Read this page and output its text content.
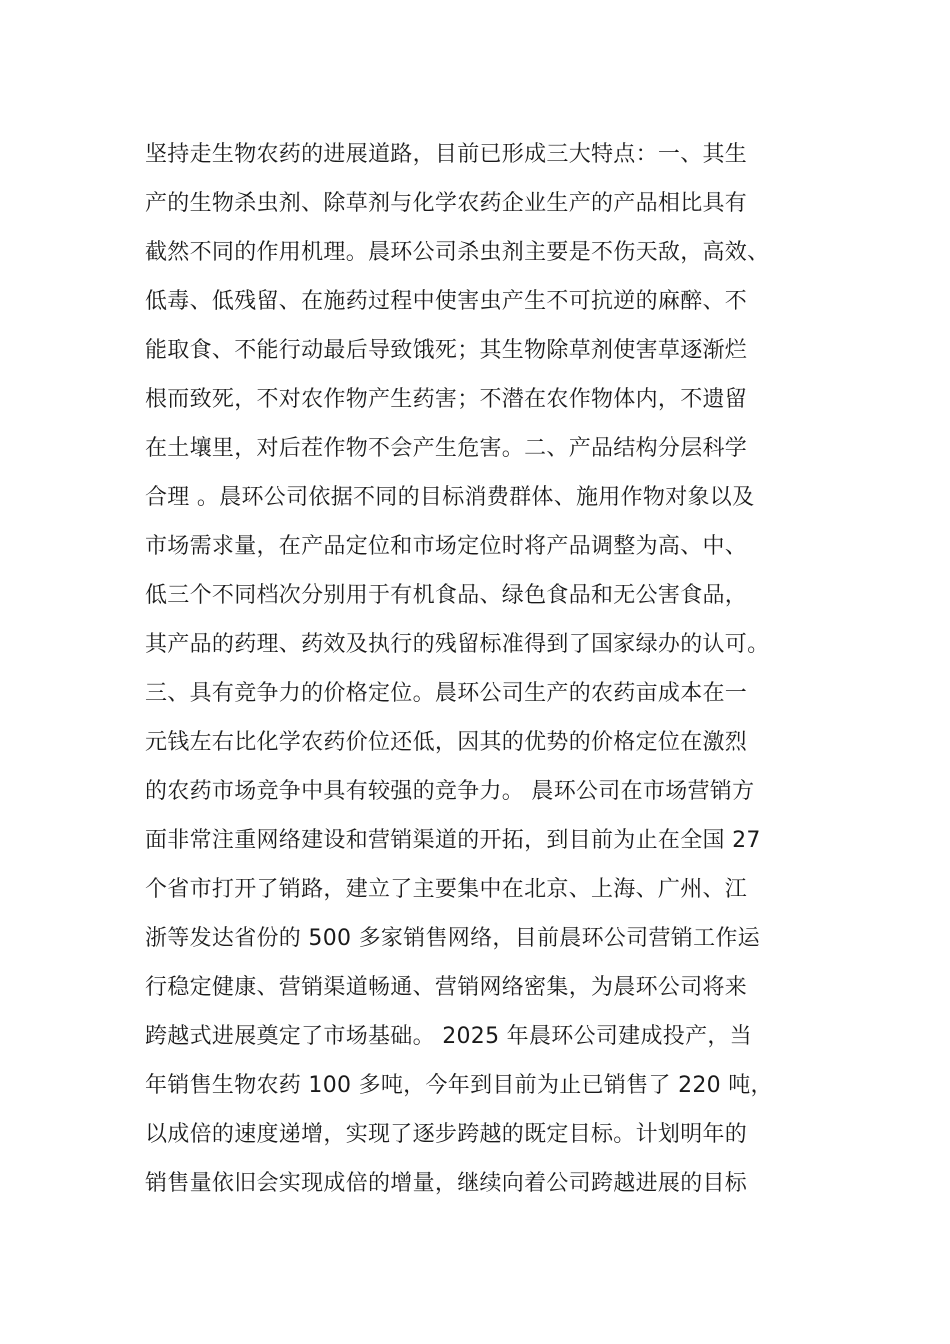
坚持走生物农药的进展道路，目前已形成三大特点：一、其生
产的生物杀虫剂、除草剂与化学农药企业生产的产品相比具有
截然不同的作用机理。晨环公司杀虫剂主要是不伤天敌，高效、
低毒、低残留、在施药过程中使害虫产生不可抗逆的麻醉、不
能取食、不能行动最后导致饿死；其生物除草剂使害草逐渐烂
根而致死，不对农作物产生药害；不潜在农作物体内，不遗留
在土壤里，对后茬作物不会产生危害。二、产品结构分层科学
合理 。晨环公司依据不同的目标消费群体、施用作物对象以及
市场需求量，在产品定位和市场定位时将产品调整为高、中、
低三个不同档次分别用于有机食品、绿色食品和无公害食品，
其产品的药理、药效及执行的残留标准得到了国家绿办的认可。
三、具有竞争力的价格定位。晨环公司生产的农药亩成本在一
元钱左右比化学农药价位还低，因其的优势的价格定位在激烈
的农药市场竞争中具有较强的竞争力。 晨环公司在市场营销方
面非常注重网络建设和营销渠道的开拓，到目前为止在全国 27
个省市打开了销路，建立了主要集中在北京、上海、广州、江
浙等发达省份的 500 多家销售网络，目前晨环公司营销工作运
行稳定健康、营销渠道畅通、营销网络密集，为晨环公司将来
跨越式进展奠定了市场基础。 2025 年晨环公司建成投产，当
年销售生物农药 100 多吨，今年到目前为止已销售了 220 吨，
以成倍的速度递增，实现了逐步跨越的既定目标。计划明年的
销售量依旧会实现成倍的增量，继续向着公司跨越进展的目标
